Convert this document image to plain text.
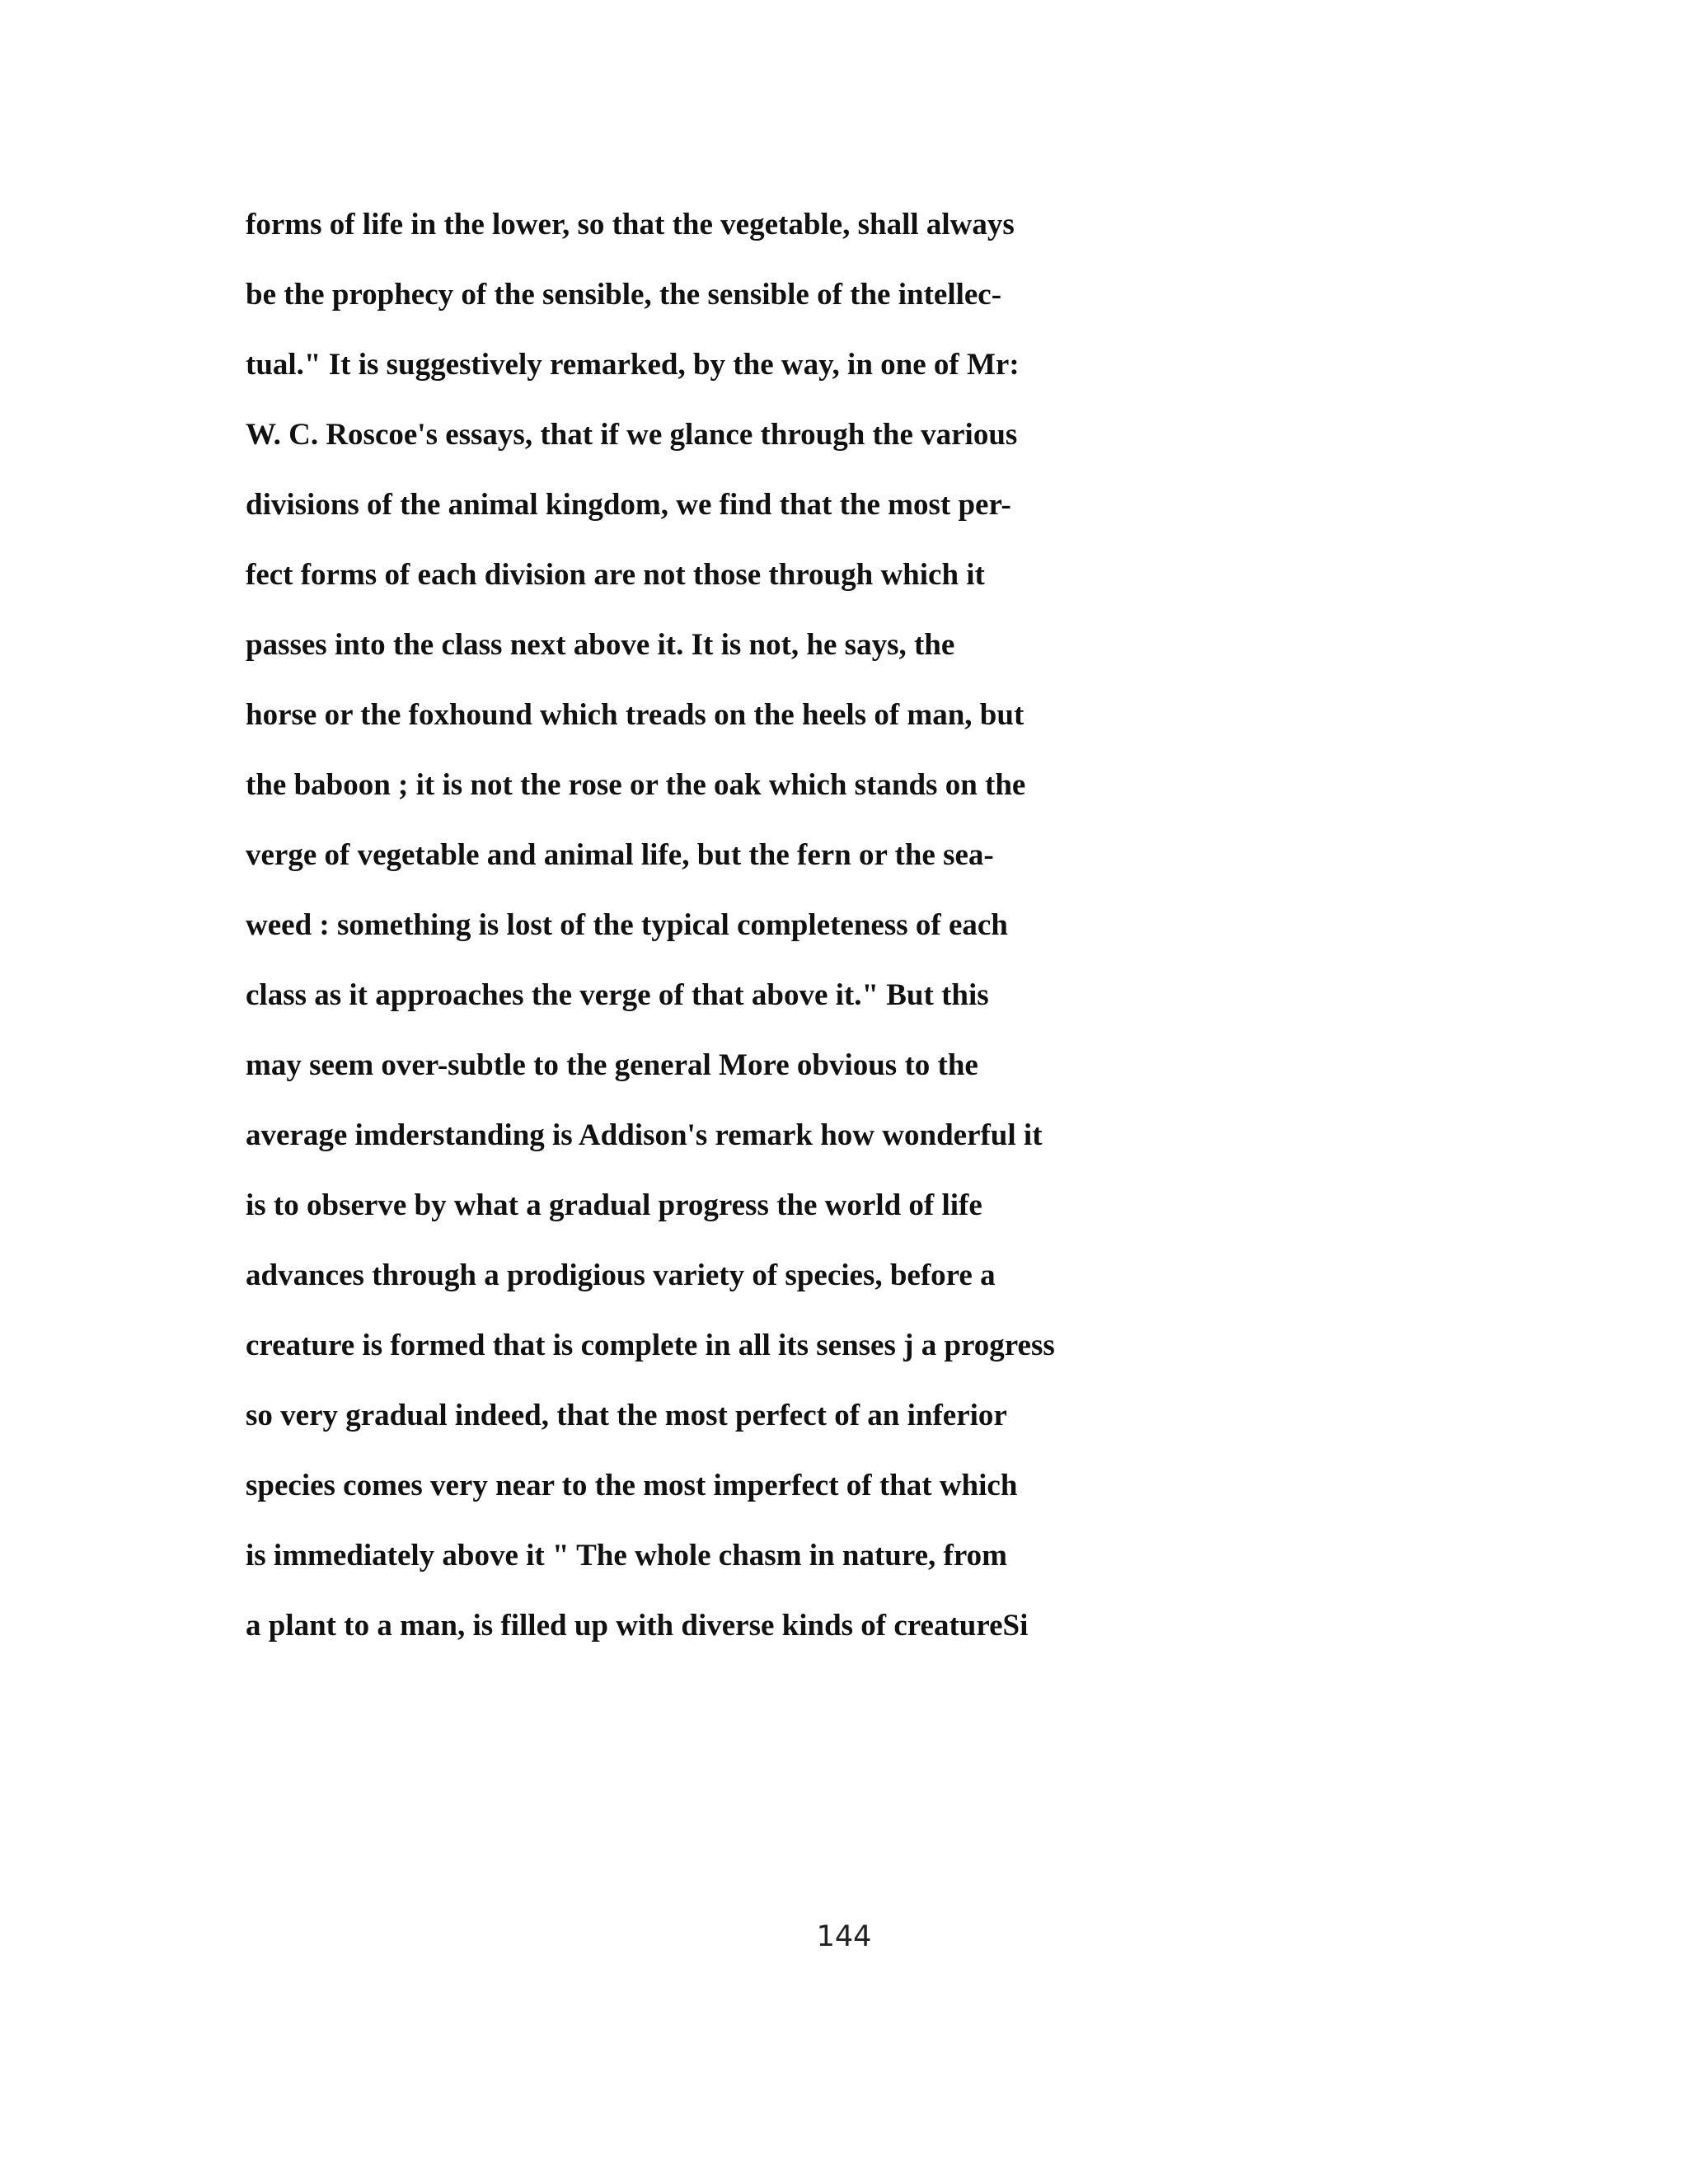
forms of life in the lower, so that the vegetable, shall always
be the prophecy of the sensible, the sensible of the intellec-
tual." It is suggestively remarked, by the way, in one of Mr:
W. C. Roscoe's essays, that if we glance through the various
divisions of the animal kingdom, we find that the most per-
fect forms of each division are not those through which it
passes into the class next above it. It is not, he says, the
horse or the foxhound which treads on the heels of man, but
the baboon ; it is not the rose or the oak which stands on the
verge of vegetable and animal life, but the fern or the sea-
weed : something is lost of the typical completeness of each
class as it approaches the verge of that above it." But this
may seem over-subtle to the general More obvious to the
average imderstanding is Addison's remark how wonderful it
is to observe by what a gradual progress the world of life
advances through a prodigious variety of species, before a
creature is formed that is complete in all its senses j a progress
so very gradual indeed, that the most perfect of an inferior
species comes very near to the most imperfect of that which
is immediately above it " The whole chasm in nature, from
a plant to a man, is filled up with diverse kinds of creatureSi
144
